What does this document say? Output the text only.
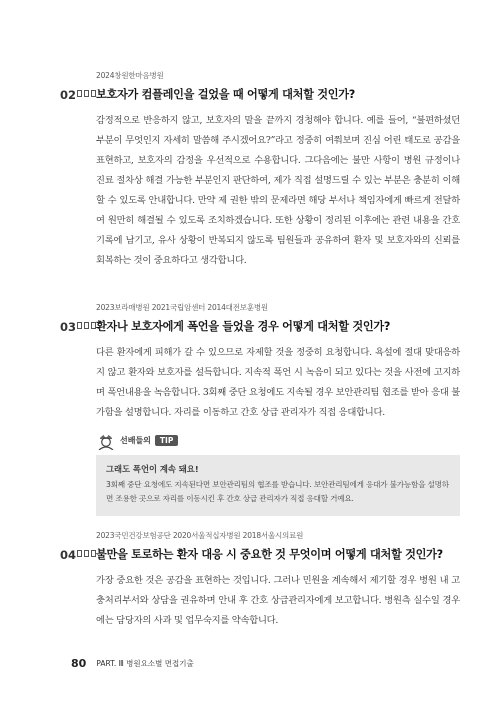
2024창원한마음병원
02 보호자가 컴플레인을 걸었을 때 어떻게 대처할 것인가?

감정적으로 반응하지 않고, 보호자의 말을 끝까지 경청해야 합니다. 예를 들어, “불편하셨던 부분이 무엇인지 자세히 말씀해 주시겠어요?”라고 정중히 여쭤보며 진심 어린 태도로 공감을 표현하고, 보호자의 감정을 우선적으로 수용합니다. 그다음에는 불만 사항이 병원 규정이나 진료 절차상 해결 가능한 부분인지 판단하여, 제가 직접 설명드릴 수 있는 부분은 충분히 이해할 수 있도록 안내합니다. 만약 제 권한 밖의 문제라면 해당 부서나 책임자에게 빠르게 전달하여 원만히 해결될 수 있도록 조치하겠습니다. 또한 상황이 정리된 이후에는 관련 내용을 간호 기록에 남기고, 유사 상황이 반복되지 않도록 팀원들과 공유하여 환자 및 보호자와의 신뢰를 회복하는 것이 중요하다고 생각합니다.

2023보라매병원 2021국립암센터 2014대전보훈병원
03 환자나 보호자에게 폭언을 들었을 경우 어떻게 대처할 것인가?

다른 환자에게 피해가 갈 수 있으므로 자제할 것을 정중히 요청합니다. 욕설에 절대 맞대응하지 않고 환자와 보호자를 설득합니다. 지속적 폭언 시 녹음이 되고 있다는 것을 사전에 고지하며 폭언내용을 녹음합니다. 3회째 중단 요청에도 지속될 경우 보안관리팀 협조를 받아 응대 불가함을 설명합니다. 자리를 이동하고 간호 상급 관리자가 직접 응대합니다.

선배들의	TIP
그래도 폭언이 계속 돼요!
3회째 중단 요청에도 지속된다면 보안관리팀의 협조를 받습니다. 보안관리팀에게 응대가 불가능함을 설명하면 조용한 곳으로 자리를 이동시킨 후 간호 상급 관리자가 직접 응대할 거예요.
2023국민건강보험공단 2020서울적십자병원 2018서울시의료원
04 불만을 토로하는 환자 대응 시 중요한 것 무엇이며 어떻게 대처할 것인가?

가장 중요한 것은 공감을 표현하는 것입니다. 그러나 민원을 계속해서 제기할 경우 병원 내 고충처리부서와 상담을 권유하며 안내 후 간호 상급관리자에게 보고합니다. 병원측 실수일 경우에는 담당자의 사과 및 업무숙지를 약속합니다.

80 PART. Ⅲ 병원요소별 면접기출
